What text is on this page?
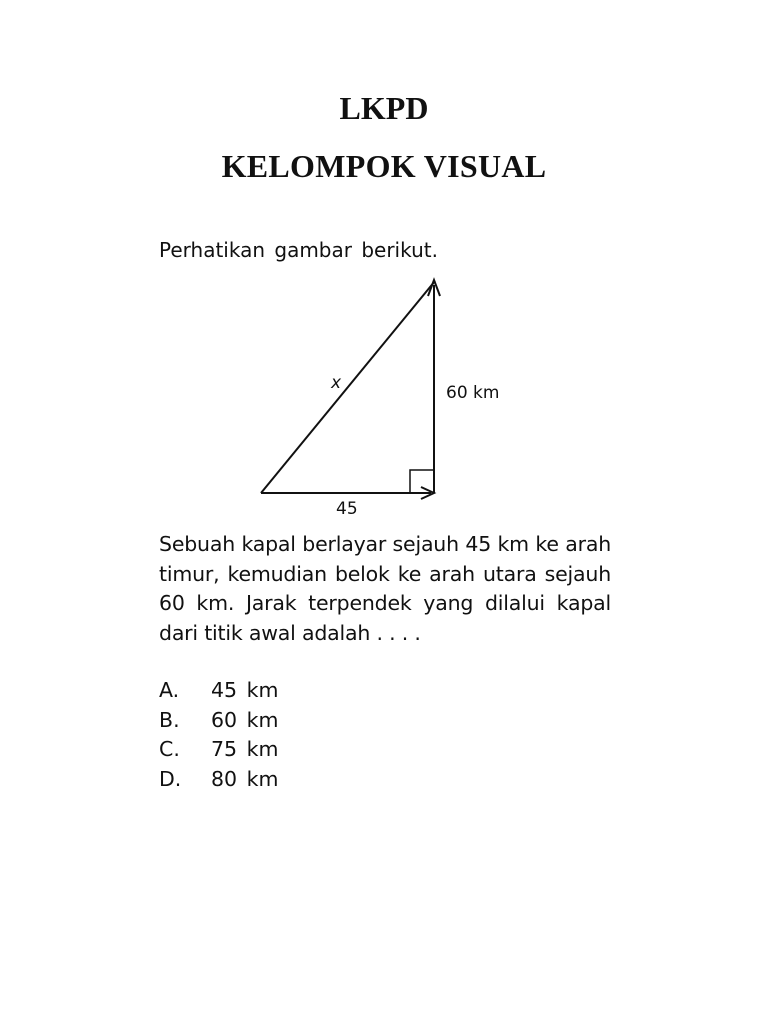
LKPD
KELOMPOK VISUAL

Perhatikan gambar berikut.

x	60 km
45

Sebuah kapal berlayar sejauh 45 km ke arah timur, kemudian belok ke arah utara sejauh 60 km. Jarak terpendek yang dilalui kapal dari titik awal adalah . . . .

A. 45 km
B. 60 km
C. 75 km
D. 80 km
